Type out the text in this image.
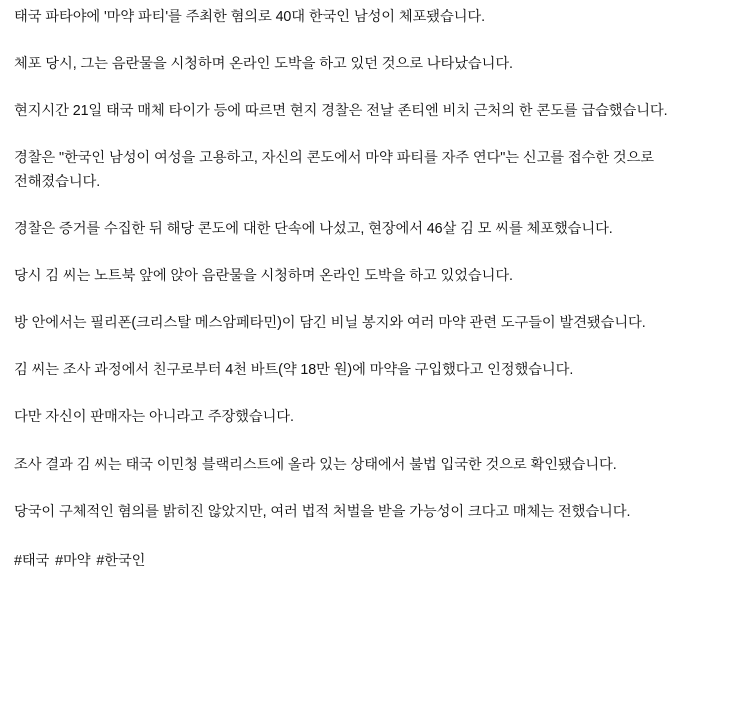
태국 파타야에 '마약 파티'를 주최한 혐의로 40대 한국인 남성이 체포됐습니다.

체포 당시, 그는 음란물을 시청하며 온라인 도박을 하고 있던 것으로 나타났습니다.

현지시간 21일 태국 매체 타이가 등에 따르면 현지 경찰은 전날 존티엔 비치 근처의 한 콘도를 급습했습니다.

경찰은 "한국인 남성이 여성을 고용하고, 자신의 콘도에서 마약 파티를 자주 연다"는 신고를 접수한 것으로 전해졌습니다.

경찰은 증거를 수집한 뒤 해당 콘도에 대한 단속에 나섰고, 현장에서 46살 김 모 씨를 체포했습니다.

당시 김 씨는 노트북 앞에 앉아 음란물을 시청하며 온라인 도박을 하고 있었습니다.

방 안에서는 필리폰(크리스탈 메스암페타민)이 담긴 비닐 봉지와 여러 마약 관련 도구들이 발견됐습니다.

김 씨는 조사 과정에서 친구로부터 4천 바트(약 18만 원)에 마약을 구입했다고 인정했습니다.

다만 자신이 판매자는 아니라고 주장했습니다.

조사 결과 김 씨는 태국 이민청 블랙리스트에 올라 있는 상태에서 불법 입국한 것으로 확인됐습니다.

당국이 구체적인 혐의를 밝히진 않았지만, 여러 법적 처벌을 받을 가능성이 크다고 매체는 전했습니다.

#태국 #마약 #한국인
